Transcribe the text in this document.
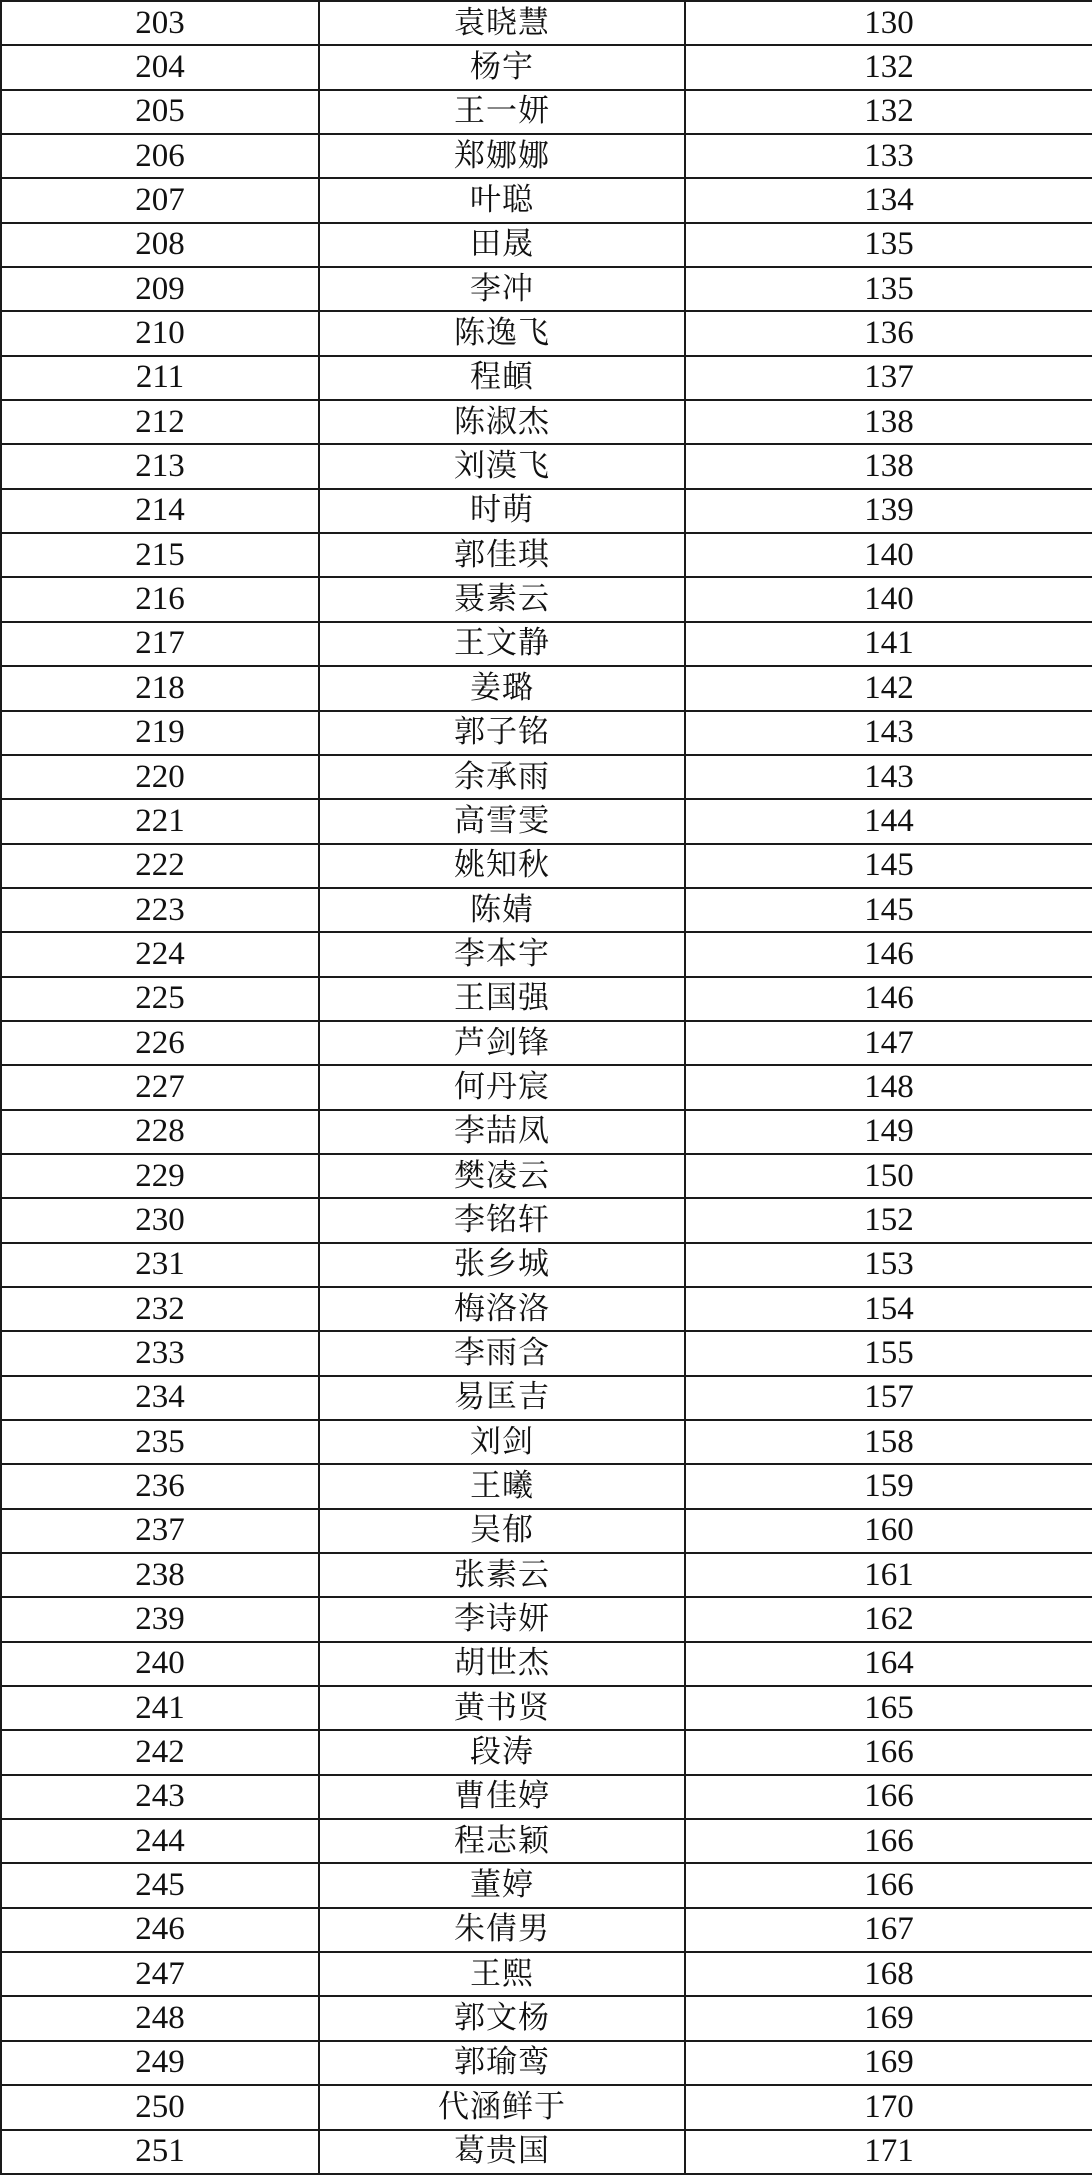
203	袁晓慧	130
204	杨宇	132
205	王一妍	132
206	郑娜娜	133
207	叶聪	134
208	田晟	135
209	李冲	135
210	陈逸飞	136
211	程頔	137
212	陈淑杰	138
213	刘漠飞	138
214	时萌	139
215	郭佳琪	140
216	聂素云	140
217	王文静	141
218	姜璐	142
219	郭子铭	143
220	余承雨	143
221	高雪雯	144
222	姚知秋	145
223	陈婧	145
224	李本宇	146
225	王国强	146
226	芦剑锋	147
227	何丹宸	148
228	李喆凤	149
229	樊凌云	150
230	李铭轩	152
231	张乡城	153
232	梅洛洛	154
233	李雨含	155
234	易匡吉	157
235	刘剑	158
236	王曦	159
237	吴郁	160
238	张素云	161
239	李诗妍	162
240	胡世杰	164
241	黄书贤	165
242	段涛	166
243	曹佳婷	166
244	程志颖	166
245	董婷	166
246	朱倩男	167
247	王熙	168
248	郭文杨	169
249	郭瑜鸾	169
250	代涵鲜于	170
251	葛贵国	171
